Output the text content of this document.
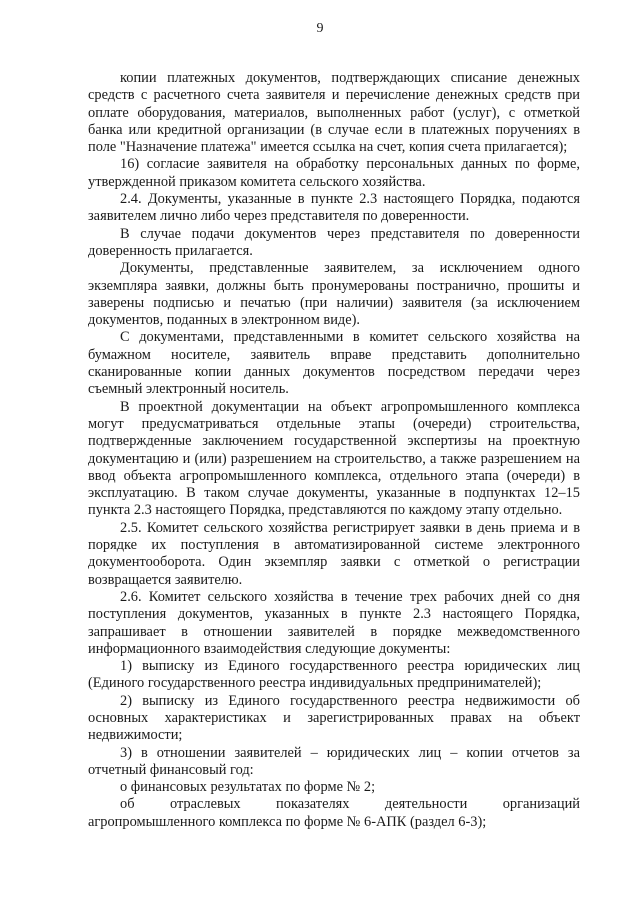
9

копии платежных документов, подтверждающих списание денежных средств с расчетного счета заявителя и перечисление денежных средств при оплате оборудования, материалов, выполненных работ (услуг), с отметкой банка или кредитной организации (в случае если в платежных поручениях в поле "Назначение платежа" имеется ссылка на счет, копия счета прилагается);

16) согласие заявителя на обработку персональных данных по форме, утвержденной приказом комитета сельского хозяйства.

2.4. Документы, указанные в пункте 2.3 настоящего Порядка, подаются заявителем лично либо через представителя по доверенности.

В случае подачи документов через представителя по доверенности доверенность прилагается.

Документы, представленные заявителем, за исключением одного экземпляра заявки, должны быть пронумерованы постранично, прошиты и заверены подписью и печатью (при наличии) заявителя (за исключением документов, поданных в электронном виде).

С документами, представленными в комитет сельского хозяйства на бумажном носителе, заявитель вправе представить дополнительно сканированные копии данных документов посредством передачи через съемный электронный носитель.

В проектной документации на объект агропромышленного комплекса могут предусматриваться отдельные этапы (очереди) строительства, подтвержденные заключением государственной экспертизы на проектную документацию и (или) разрешением на строительство, а также разрешением на ввод объекта агропромышленного комплекса, отдельного этапа (очереди) в эксплуатацию. В таком случае документы, указанные в подпунктах 12–15 пункта 2.3 настоящего Порядка, представляются по каждому этапу отдельно.

2.5. Комитет сельского хозяйства регистрирует заявки в день приема и в порядке их поступления в автоматизированной системе электронного документооборота. Один экземпляр заявки с отметкой о регистрации возвращается заявителю.

2.6. Комитет сельского хозяйства в течение трех рабочих дней со дня поступления документов, указанных в пункте 2.3 настоящего Порядка, запрашивает в отношении заявителей в порядке межведомственного информационного взаимодействия следующие документы:

1) выписку из Единого государственного реестра юридических лиц (Единого государственного реестра индивидуальных предпринимателей);

2) выписку из Единого государственного реестра недвижимости об основных характеристиках и зарегистрированных правах на объект недвижимости;

3) в отношении заявителей – юридических лиц – копии отчетов за отчетный финансовый год:

о финансовых результатах по форме № 2;

об отраслевых показателях деятельности организаций агропромышленного комплекса по форме № 6-АПК (раздел 6-3);
